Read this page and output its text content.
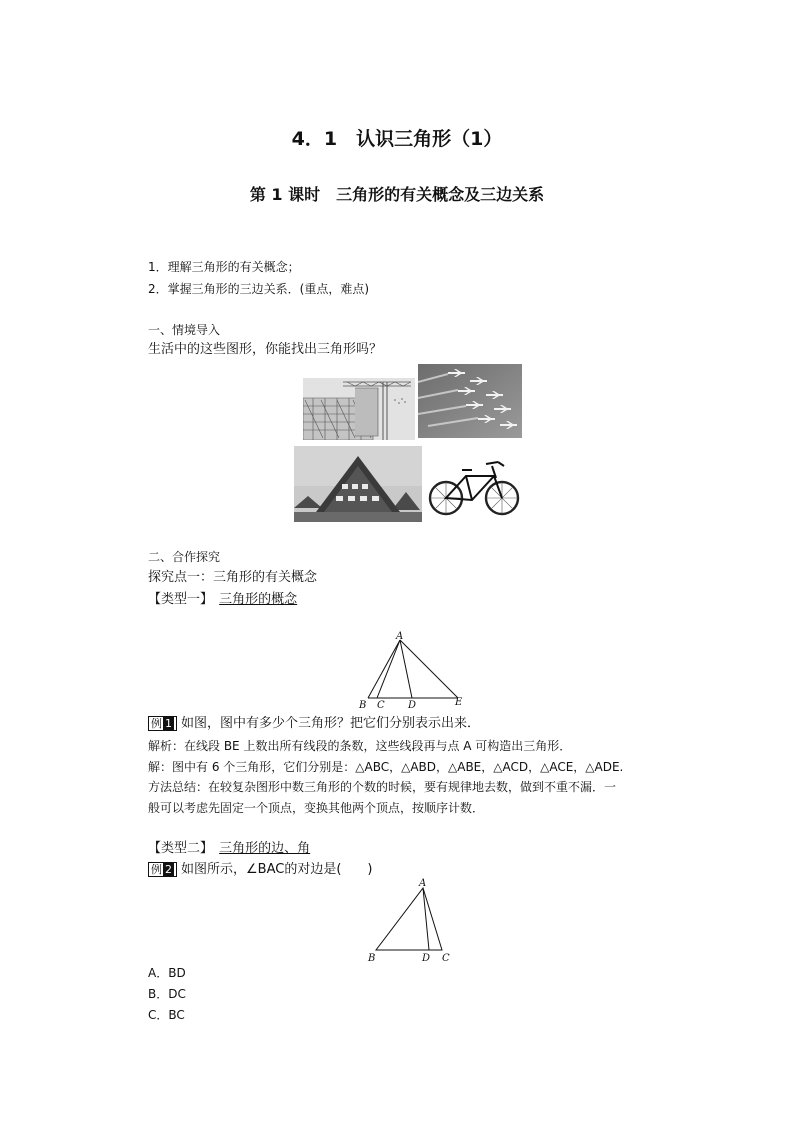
4．1　认识三角形（1）
第 1 课时　三角形的有关概念及三边关系
1．理解三角形的有关概念；
2．掌握三角形的三边关系．(重点，难点)
一、情境导入
生活中的这些图形，你能找出三角形吗？
二、合作探究
探究点一：三角形的有关概念
【类型一】 三角形的概念
A
B C D	E
例 1 如图，图中有多少个三角形？把它们分别表示出来．
解析：在线段 BE 上数出所有线段的条数，这些线段再与点 A 可构造出三角形．
解：图中有 6 个三角形，它们分别是：△ABC，△ABD，△ABE，△ACD，△ACE，△ADE.
方法总结：在较复杂图形中数三角形的个数的时候，要有规律地去数，做到不重不漏．一
般可以考虑先固定一个顶点，变换其他两个顶点，按顺序计数．
【类型二】 三角形的边、角
例 2 如图所示，∠BAC的对边是(　　)
A
B	D C
A．BD
B．DC
C．BC
